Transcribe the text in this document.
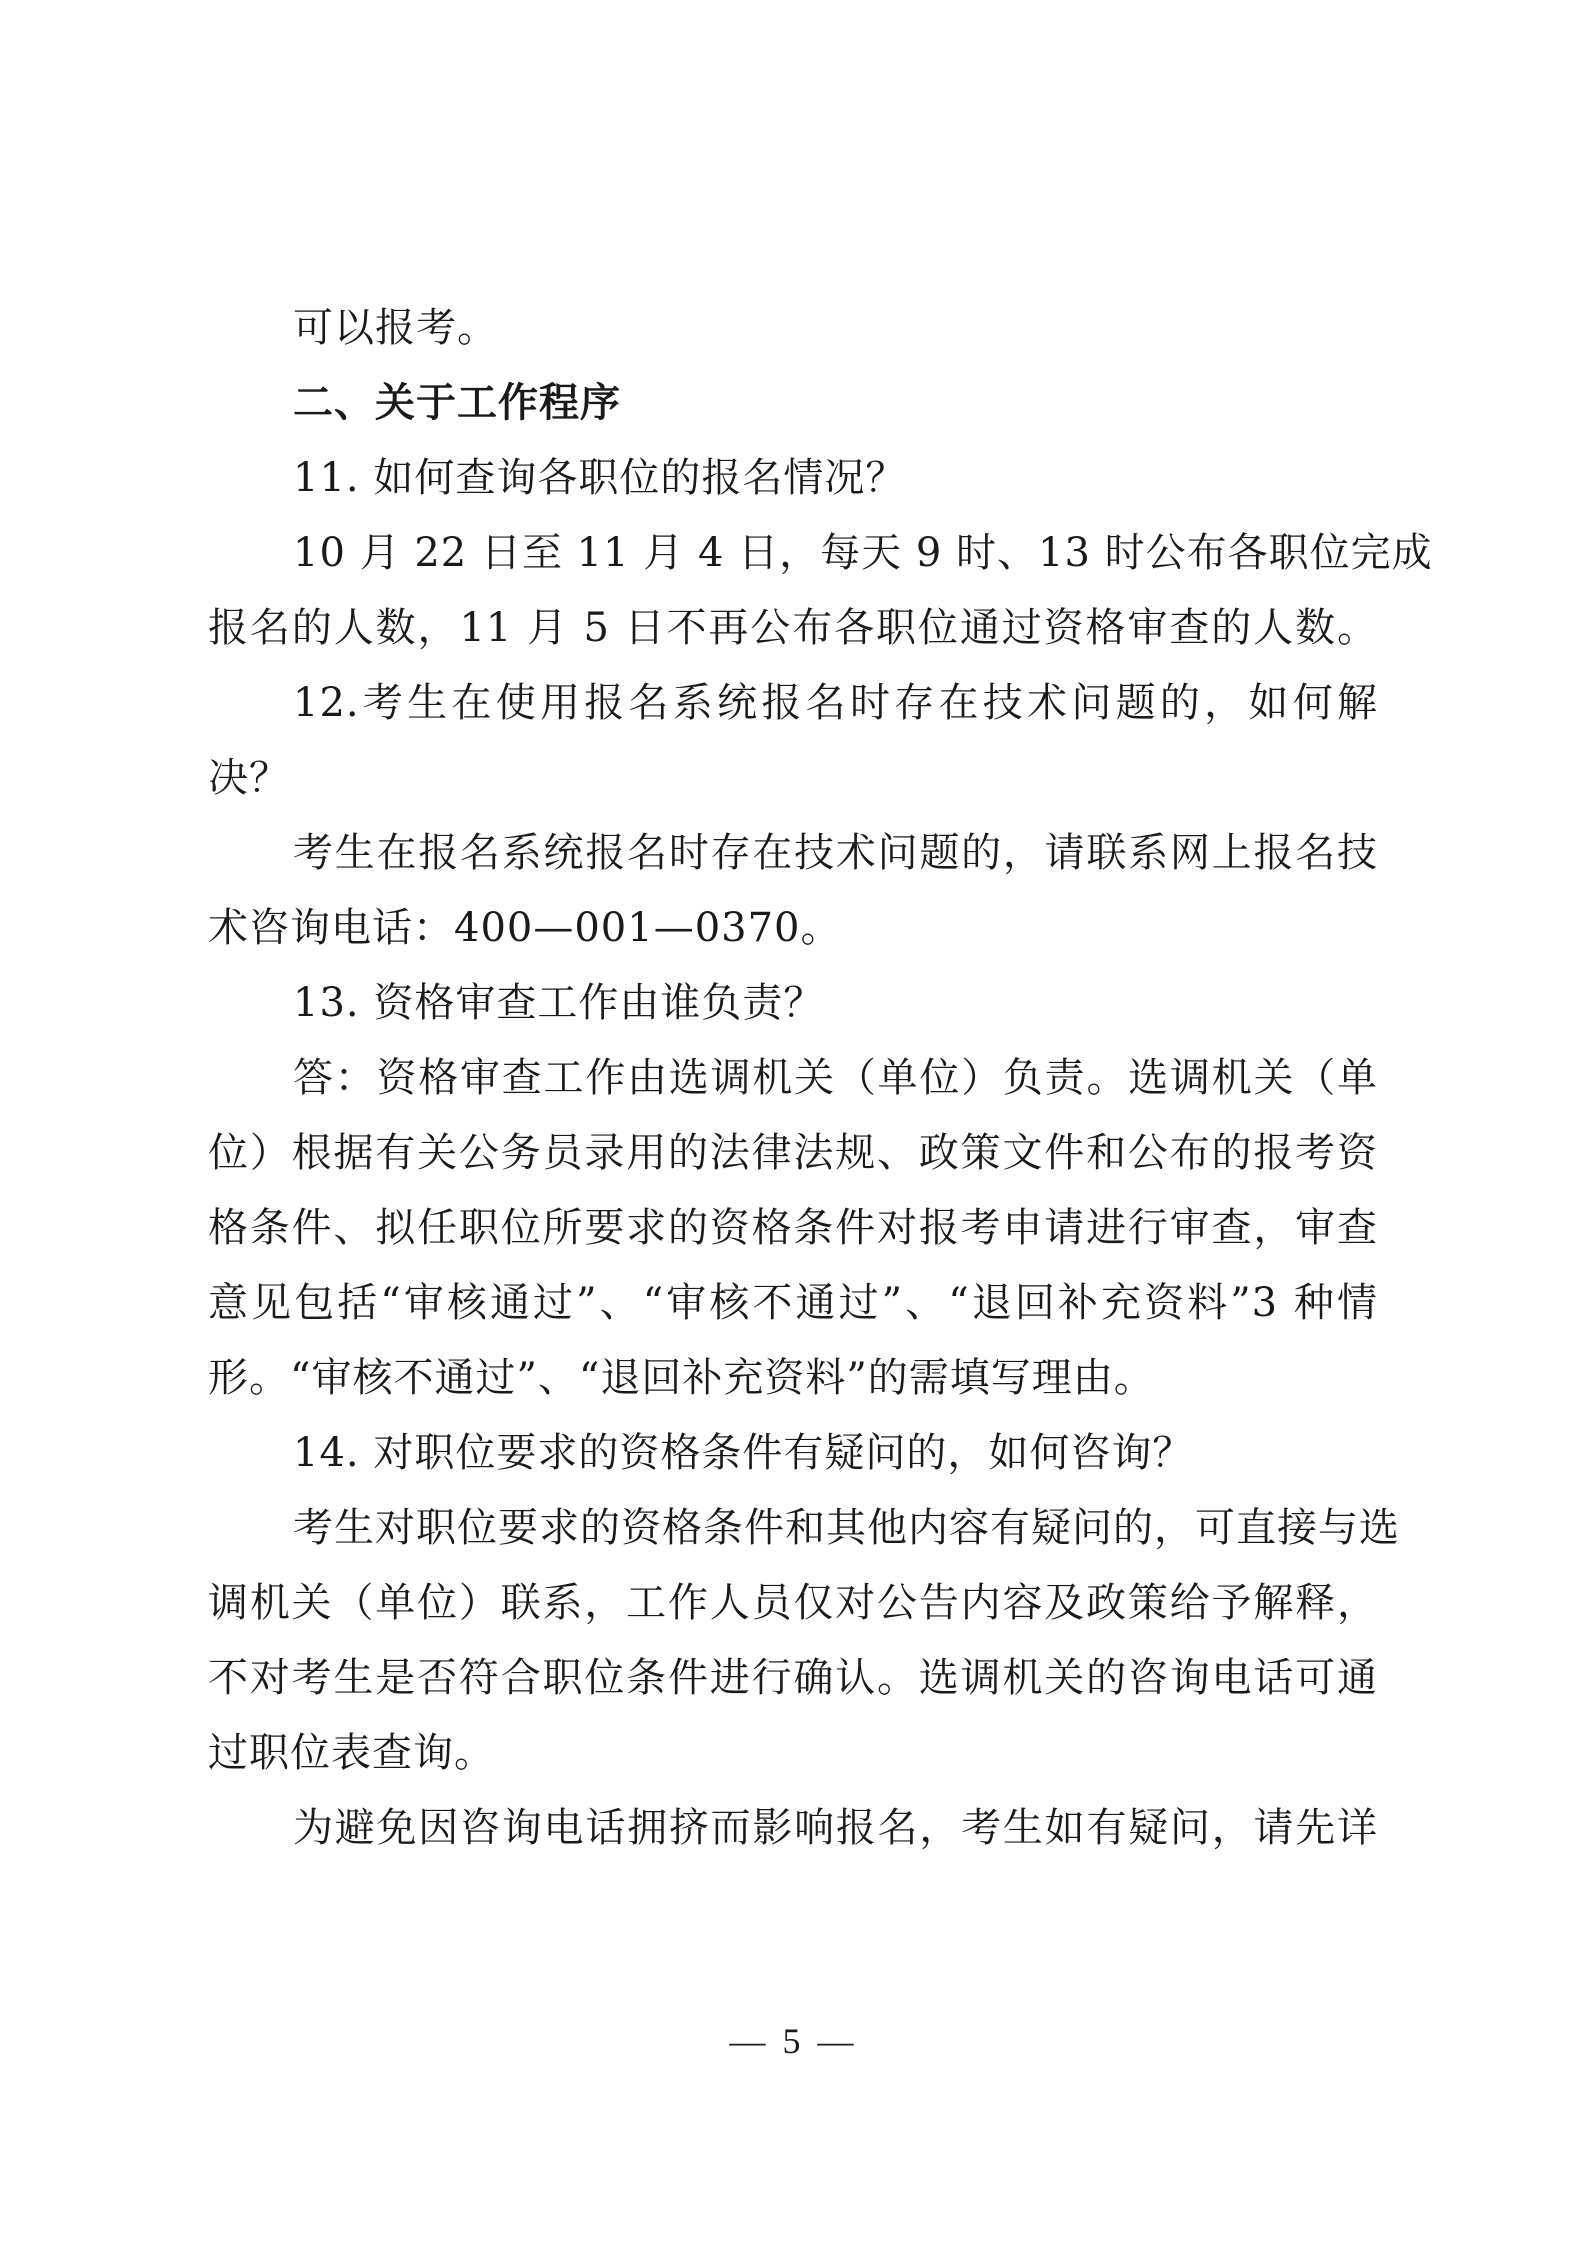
可以报考。
二、关于工作程序
11. 如何查询各职位的报名情况？
10 月 22 日至 11 月 4 日，每天 9 时、13 时公布各职位完成
报名的人数，11 月 5 日不再公布各职位通过资格审查的人数。
12.考生在使用报名系统报名时存在技术问题的，如何解
决？
考生在报名系统报名时存在技术问题的，请联系网上报名技
术咨询电话：400—001—0370。
13. 资格审查工作由谁负责？
答：资格审查工作由选调机关（单位）负责。选调机关（单
位）根据有关公务员录用的法律法规、政策文件和公布的报考资
格条件、拟任职位所要求的资格条件对报考申请进行审查，审查
意见包括“审核通过”、“审核不通过”、“退回补充资料”3 种情
形。“审核不通过”、“退回补充资料”的需填写理由。
14. 对职位要求的资格条件有疑问的，如何咨询？
考生对职位要求的资格条件和其他内容有疑问的，可直接与选
调机关（单位）联系，工作人员仅对公告内容及政策给予解释，
不对考生是否符合职位条件进行确认。选调机关的咨询电话可通
过职位表查询。
为避免因咨询电话拥挤而影响报名，考生如有疑问，请先详
— 5 —
